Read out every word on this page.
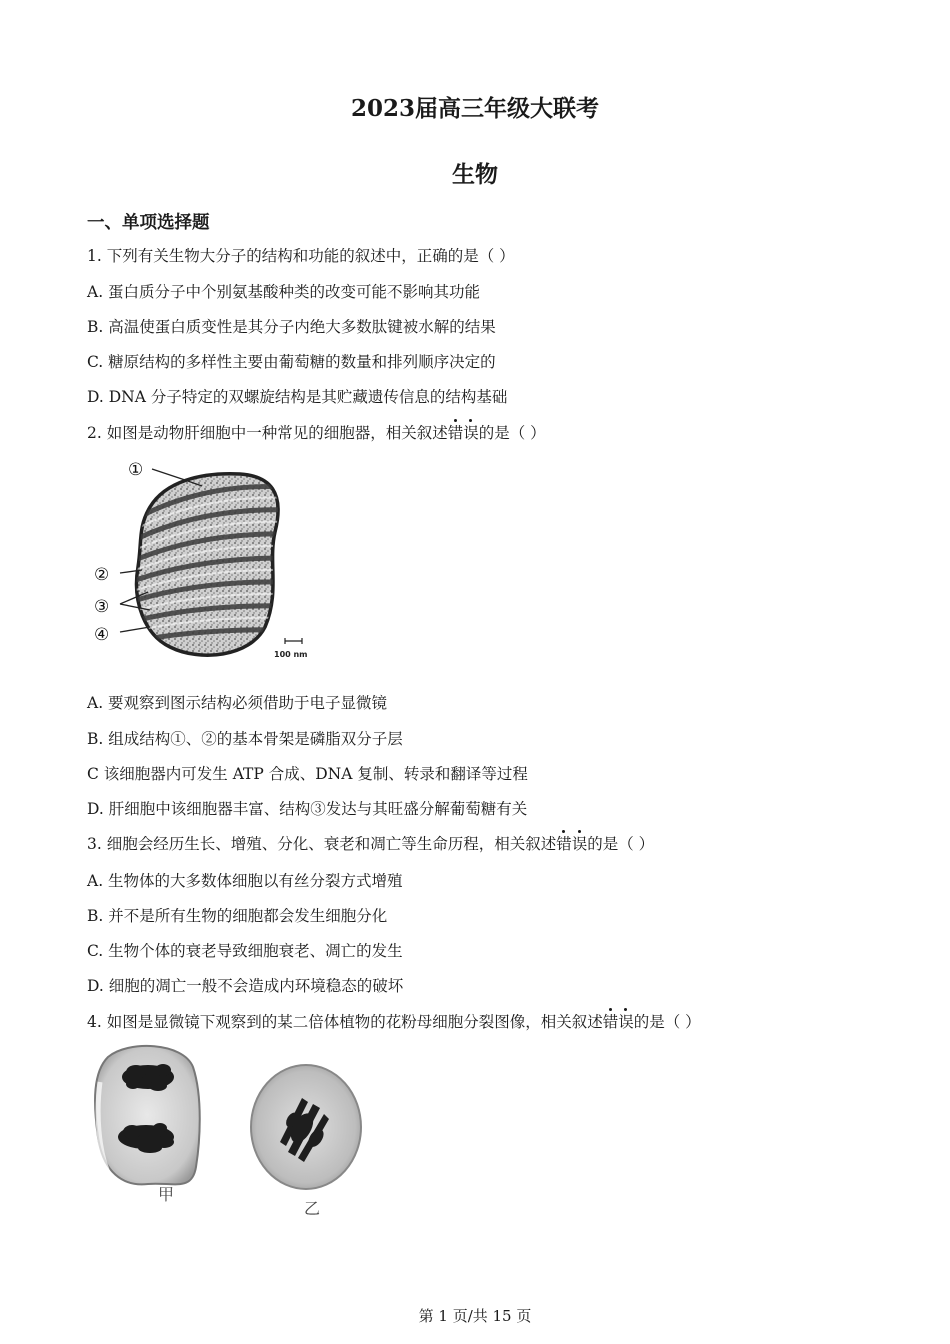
2023届高三年级大联考
生物
一、单项选择题
1. 下列有关生物大分子的结构和功能的叙述中，正确的是（ ）
A. 蛋白质分子中个别氨基酸种类的改变可能不影响其功能
B. 高温使蛋白质变性是其分子内绝大多数肽键被水解的结果
C. 糖原结构的多样性主要由葡萄糖的数量和排列顺序决定的
D. DNA 分子特定的双螺旋结构是其贮藏遗传信息的结构基础
2. 如图是动物肝细胞中一种常见的细胞器，相关叙述错误的是（ ）
①
②
③
④
100 nm
A. 要观察到图示结构必须借助于电子显微镜
B. 组成结构①、②的基本骨架是磷脂双分子层
C 该细胞器内可发生 ATP 合成、DNA 复制、转录和翻译等过程
D. 肝细胞中该细胞器丰富、结构③发达与其旺盛分解葡萄糖有关
3. 细胞会经历生长、增殖、分化、衰老和凋亡等生命历程，相关叙述错误的是（ ）
A. 生物体的大多数体细胞以有丝分裂方式增殖
B. 并不是所有生物的细胞都会发生细胞分化
C. 生物个体的衰老导致细胞衰老、凋亡的发生
D. 细胞的凋亡一般不会造成内环境稳态的破坏
4. 如图是显微镜下观察到的某二倍体植物的花粉母细胞分裂图像，相关叙述错误的是（ ）
甲
乙
第 1 页/共 15 页
